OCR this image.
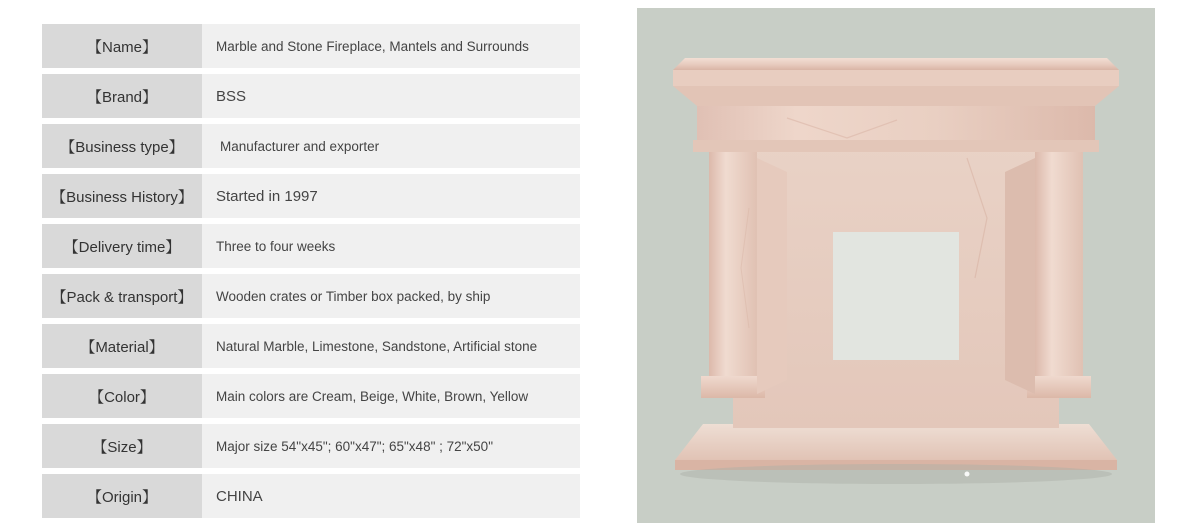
【Name】	Marble and Stone Fireplace, Mantels and Surrounds
【Brand】	BSS
【Business type】	Manufacturer and exporter
【Business History】	Started in 1997
【Delivery time】	Three to four weeks
【Pack & transport】	Wooden crates or Timber box packed, by ship
【Material】	Natural Marble, Limestone, Sandstone, Artificial stone
【Color】	Main colors are Cream, Beige, White, Brown, Yellow
【Size】	Major size 54"x45"; 60"x47"; 65"x48" ; 72"x50"
【Origin】	CHINA
